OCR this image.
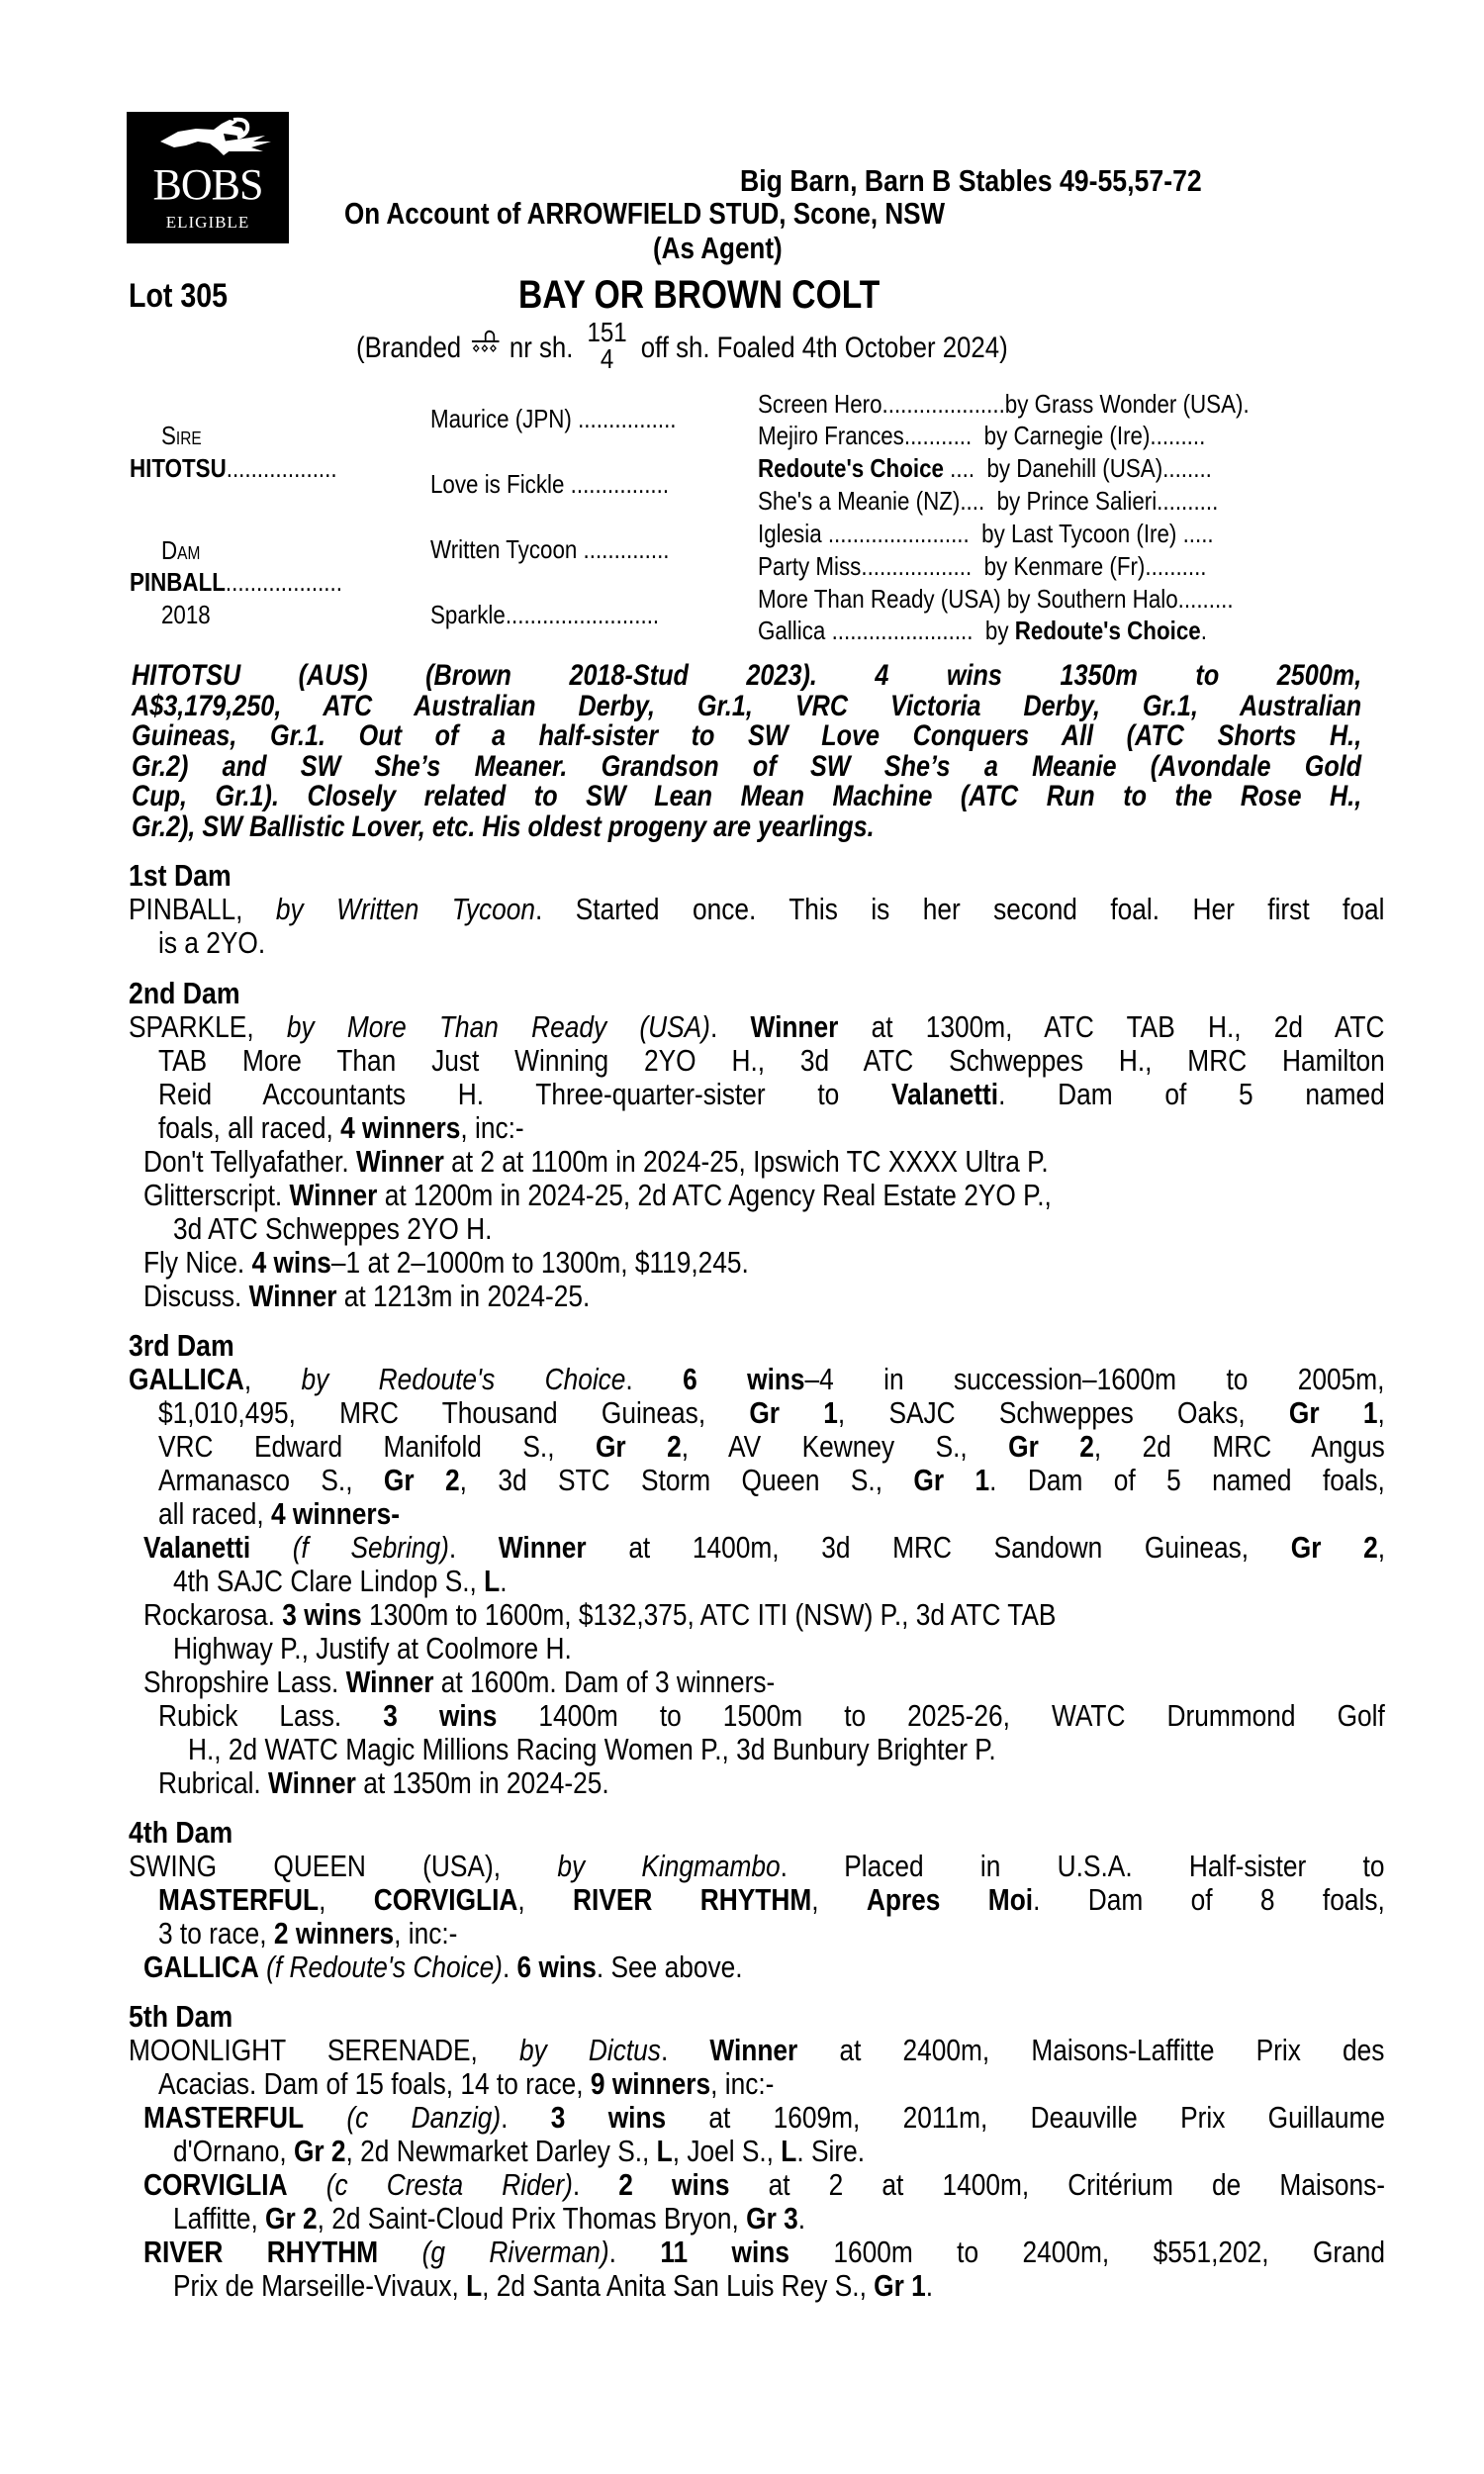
BOBS
ELIGIBLE
Big Barn, Barn B Stables 49-55,57-72
On Account of ARROWFIELD STUD, Scone, NSW
(As Agent)
Lot 305	BAY OR BROWN COLT
(Branded nr sh. 151
4 off sh. Foaled 4th October 2024)
Sire
HITOTSU..................
Dam
PINBALL...................
2018
Maurice (JPN) ................
Love is Fickle ................
Written Tycoon ..............
Sparkle.........................
Screen Hero....................by Grass Wonder (USA).
Mejiro Frances...........  by Carnegie (Ire).........
Redoute's Choice ....  by Danehill (USA)........
She's a Meanie (NZ)....  by Prince Salieri..........
Iglesia .......................  by Last Tycoon (Ire) .....
Party Miss..................  by Kenmare (Fr)..........
More Than Ready (USA) by Southern Halo.........
Gallica .......................  by Redoute's Choice.
HITOTSU (AUS) (Brown 2018-Stud 2023). 4 wins 1350m to 2500m,
A$3,179,250, ATC Australian Derby, Gr.1, VRC Victoria Derby, Gr.1, Australian
Guineas, Gr.1. Out of a half-sister to SW Love Conquers All (ATC Shorts H.,
Gr.2) and SW She’s Meaner. Grandson of SW She’s a Meanie (Avondale Gold
Cup, Gr.1). Closely related to SW Lean Mean Machine (ATC Run to the Rose H.,
Gr.2), SW Ballistic Lover, etc. His oldest progeny are yearlings.
1st Dam
PINBALL, by Written Tycoon. Started once. This is her second foal. Her first foal
is a 2YO.
2nd Dam
SPARKLE, by More Than Ready (USA). Winner at 1300m, ATC TAB H., 2d ATC
TAB More Than Just Winning 2YO H., 3d ATC Schweppes H., MRC Hamilton
Reid Accountants H. Three-quarter-sister to Valanetti. Dam of 5 named
foals, all raced, 4 winners, inc:-
Don't Tellyafather. Winner at 2 at 1100m in 2024-25, Ipswich TC XXXX Ultra P.
Glitterscript. Winner at 1200m in 2024-25, 2d ATC Agency Real Estate 2YO P.,
3d ATC Schweppes 2YO H.
Fly Nice. 4 wins–1 at 2–1000m to 1300m, $119,245.
Discuss. Winner at 1213m in 2024-25.
3rd Dam
GALLICA, by Redoute's Choice. 6 wins–4 in succession–1600m to 2005m,
$1,010,495, MRC Thousand Guineas, Gr 1, SAJC Schweppes Oaks, Gr 1,
VRC Edward Manifold S., Gr 2, AV Kewney S., Gr 2, 2d MRC Angus
Armanasco S., Gr 2, 3d STC Storm Queen S., Gr 1. Dam of 5 named foals,
all raced, 4 winners-
Valanetti (f Sebring). Winner at 1400m, 3d MRC Sandown Guineas, Gr 2,
4th SAJC Clare Lindop S., L.
Rockarosa. 3 wins 1300m to 1600m, $132,375, ATC ITI (NSW) P., 3d ATC TAB
Highway P., Justify at Coolmore H.
Shropshire Lass. Winner at 1600m. Dam of 3 winners-
Rubick Lass. 3 wins 1400m to 1500m to 2025-26, WATC Drummond Golf
H., 2d WATC Magic Millions Racing Women P., 3d Bunbury Brighter P.
Rubrical. Winner at 1350m in 2024-25.
4th Dam
SWING QUEEN (USA), by Kingmambo. Placed in U.S.A. Half-sister to
MASTERFUL, CORVIGLIA, RIVER RHYTHM, Apres Moi. Dam of 8 foals,
3 to race, 2 winners, inc:-
GALLICA (f Redoute's Choice). 6 wins. See above.
5th Dam
MOONLIGHT SERENADE, by Dictus. Winner at 2400m, Maisons-Laffitte Prix des
Acacias. Dam of 15 foals, 14 to race, 9 winners, inc:-
MASTERFUL (c Danzig). 3 wins at 1609m, 2011m, Deauville Prix Guillaume
d'Ornano, Gr 2, 2d Newmarket Darley S., L, Joel S., L. Sire.
CORVIGLIA (c Cresta Rider). 2 wins at 2 at 1400m, Critérium de Maisons-
Laffitte, Gr 2, 2d Saint-Cloud Prix Thomas Bryon, Gr 3.
RIVER RHYTHM (g Riverman). 11 wins 1600m to 2400m, $551,202, Grand
Prix de Marseille-Vivaux, L, 2d Santa Anita San Luis Rey S., Gr 1.
